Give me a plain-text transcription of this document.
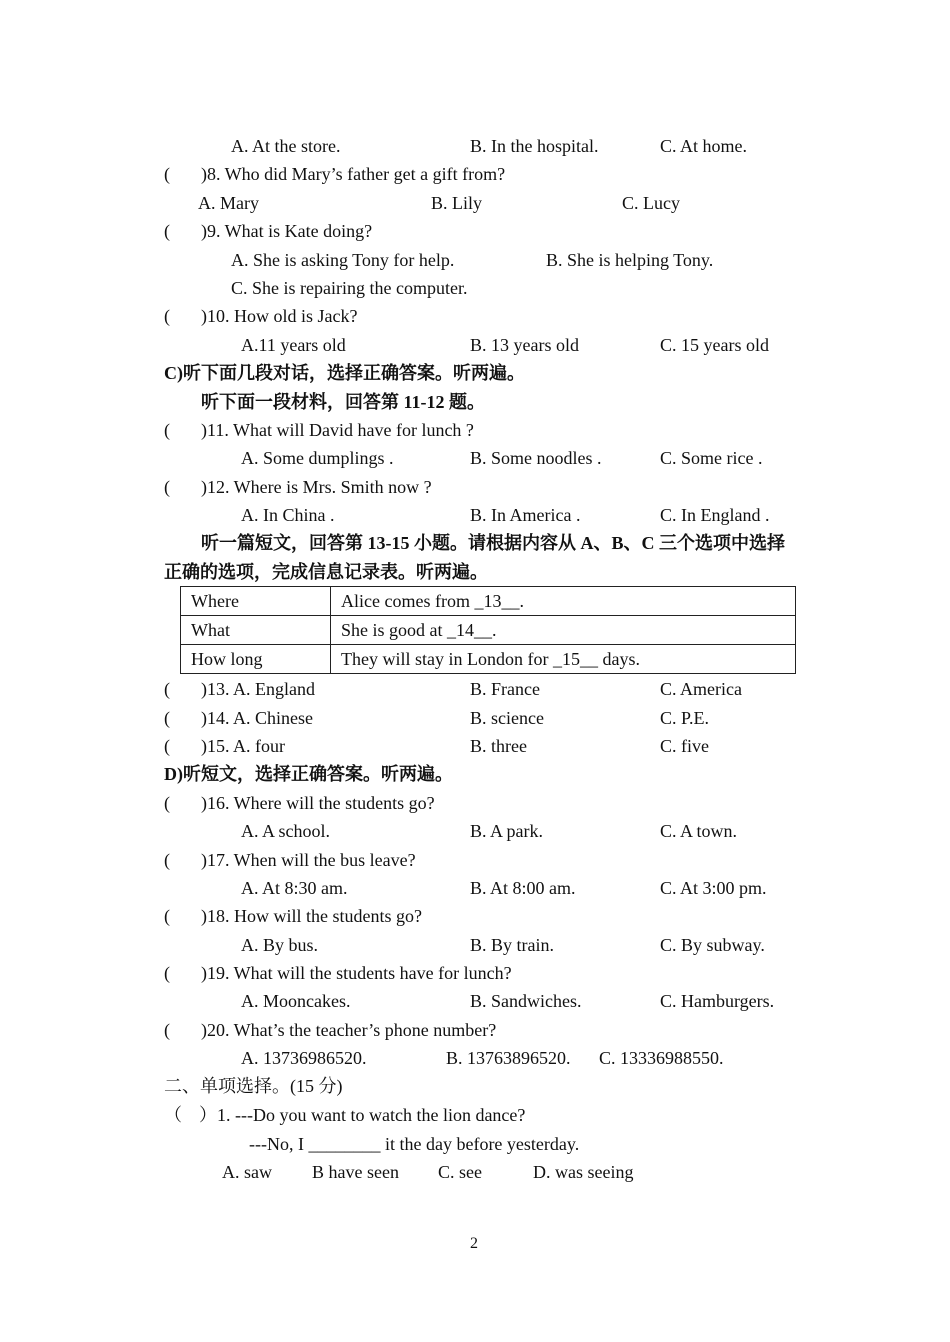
A. At the store.	B. In the hospital.	C. At home.
( )8. Who did Mary’s father get a gift from?
A. Mary	B. Lily	C. Lucy
( )9. What is Kate doing?
A. She is asking Tony for help.	B. She is helping Tony.
C. She is repairing the computer.
( )10. How old is Jack?
A.11 years old	B. 13 years old	C. 15 years old
C)听下面几段对话，选择正确答案。听两遍。
听下面一段材料，回答第 11-12 题。
( )11. What will David have for lunch ?
A. Some dumplings .	B. Some noodles .	C. Some rice .
( )12. Where is Mrs. Smith now ?
A. In China .	B. In America .	C. In England .
听一篇短文，回答第 13-15 小题。请根据内容从 A、B、C 三个选项中选择
正确的选项，完成信息记录表。听两遍。
Where	Alice comes from _13__.
What	She is good at _14__.
How long	They will stay in London for _15__ days.
( )13. A. England	B. France	C. America
( )14. A. Chinese	B. science	C. P.E.
( )15. A. four	B. three	C. five
D)听短文，选择正确答案。听两遍。
( )16. Where will the students go?
A. A school.	B. A park.	C. A town.
( )17. When will the bus leave?
A. At 8:30 am.	B. At 8:00 am.	C. At 3:00 pm.
( )18. How will the students go?
A. By bus.	B. By train.	C. By subway.
( )19. What will the students have for lunch?
A. Mooncakes.	B. Sandwiches.	C. Hamburgers.
( )20. What’s the teacher’s phone number?
A. 13736986520.	B. 13763896520. C. 13336988550.
二、单项选择。(15 分)
（ ）1. ---Do you want to watch the lion dance?
---No, I ________ it the day before yesterday.
A. saw B have seen C. see	D. was seeing
2
